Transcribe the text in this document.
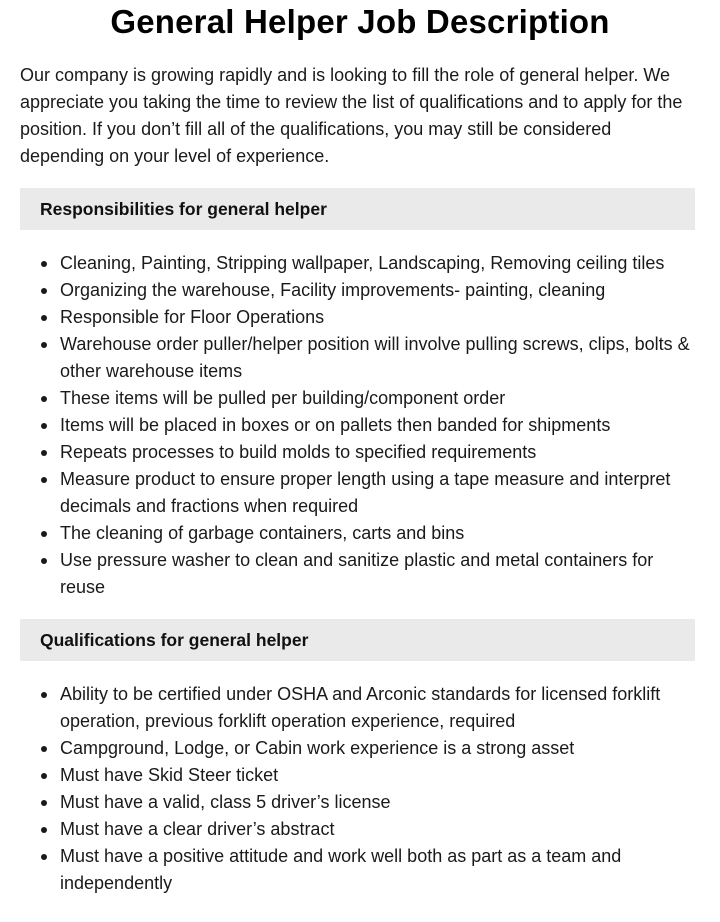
General Helper Job Description

Our company is growing rapidly and is looking to fill the role of general helper. We appreciate you taking the time to review the list of qualifications and to apply for the position. If you don’t fill all of the qualifications, you may still be considered depending on your level of experience.

Responsibilities for general helper
Cleaning, Painting, Stripping wallpaper, Landscaping, Removing ceiling tiles
Organizing the warehouse, Facility improvements- painting, cleaning
Responsible for Floor Operations
Warehouse order puller/helper position will involve pulling screws, clips, bolts & other warehouse items
These items will be pulled per building/component order
Items will be placed in boxes or on pallets then banded for shipments
Repeats processes to build molds to specified requirements
Measure product to ensure proper length using a tape measure and interpret decimals and fractions when required
The cleaning of garbage containers, carts and bins
Use pressure washer to clean and sanitize plastic and metal containers for reuse
Qualifications for general helper
Ability to be certified under OSHA and Arconic standards for licensed forklift operation, previous forklift operation experience, required
Campground, Lodge, or Cabin work experience is a strong asset
Must have Skid Steer ticket
Must have a valid, class 5 driver’s license
Must have a clear driver’s abstract
Must have a positive attitude and work well both as part as a team and independently
